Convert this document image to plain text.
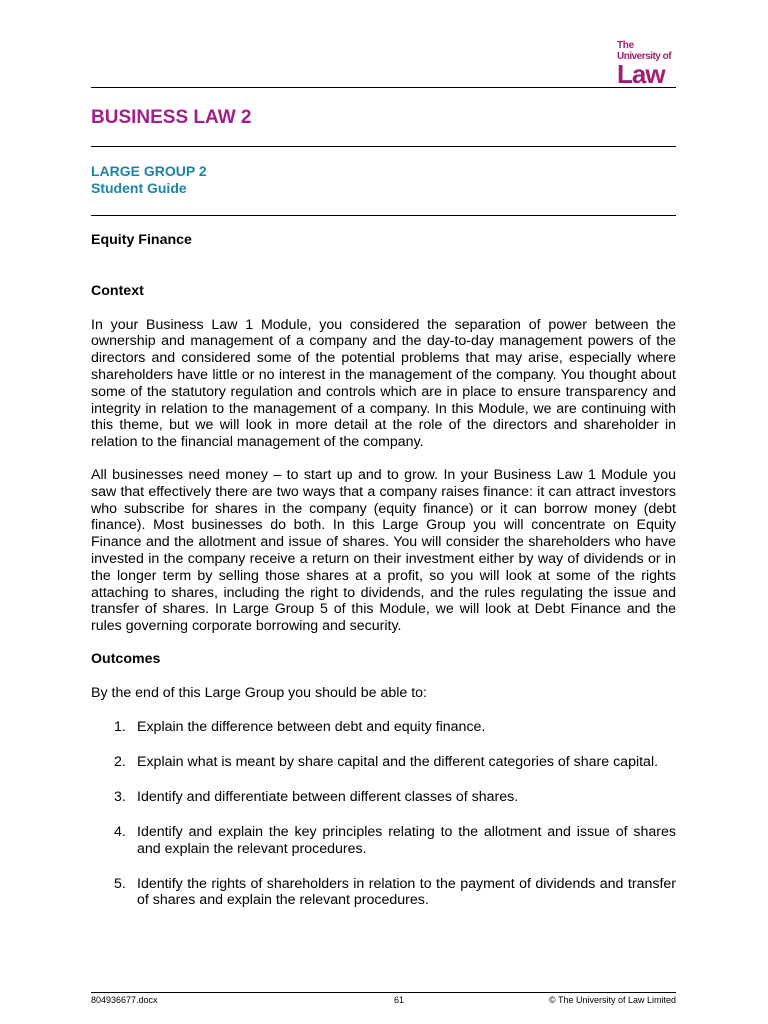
The
University of
Law
BUSINESS LAW 2
LARGE GROUP 2
Student Guide

Equity Finance

Context

In your Business Law 1 Module, you considered the separation of power between the ownership and management of a company and the day-to-day management powers of the directors and considered some of the potential problems that may arise, especially where shareholders have little or no interest in the management of the company. You thought about some of the statutory regulation and controls which are in place to ensure transparency and integrity in relation to the management of a company. In this Module, we are continuing with this theme, but we will look in more detail at the role of the directors and shareholder in relation to the financial management of the company.

All businesses need money – to start up and to grow. In your Business Law 1 Module you saw that effectively there are two ways that a company raises finance: it can attract investors who subscribe for shares in the company (equity finance) or it can borrow money (debt finance). Most businesses do both. In this Large Group you will concentrate on Equity Finance and the allotment and issue of shares. You will consider the shareholders who have invested in the company receive a return on their investment either by way of dividends or in the longer term by selling those shares at a profit, so you will look at some of the rights attaching to shares, including the right to dividends, and the rules regulating the issue and transfer of shares. In Large Group 5 of this Module, we will look at Debt Finance and the rules governing corporate borrowing and security.

Outcomes

By the end of this Large Group you should be able to:

1. Explain the difference between debt and equity finance.
2. Explain what is meant by share capital and the different categories of share capital.
3. Identify and differentiate between different classes of shares.
4. Identify and explain the key principles relating to the allotment and issue of shares and explain the relevant procedures.
5. Identify the rights of shareholders in relation to the payment of dividends and transfer of shares and explain the relevant procedures.
804936677.docx	61	© The University of Law Limited
